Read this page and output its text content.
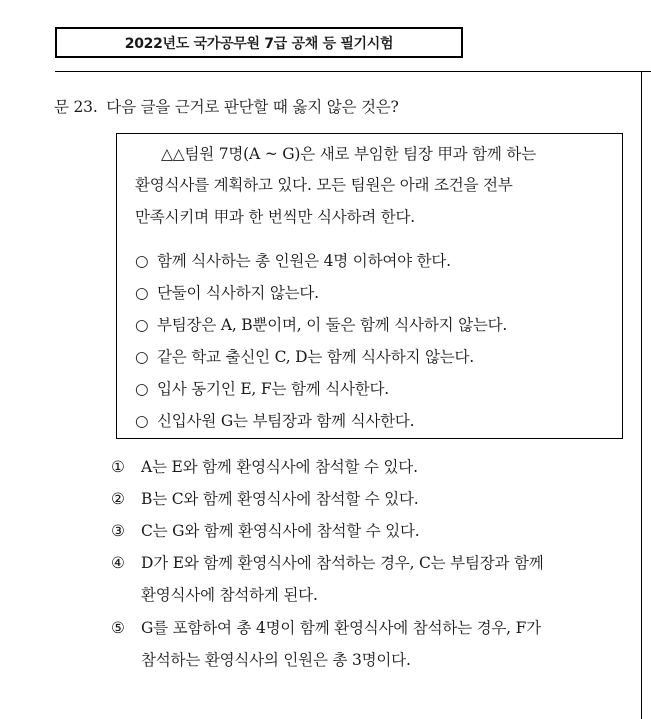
2022년도 국가공무원 7급 공채 등 필기시험
문 23. 다음 글을 근거로 판단할 때 옳지 않은 것은?
△△팀원 7명(A ~ G)은 새로 부임한 팀장 甲과 함께 하는
환영식사를 계획하고 있다. 모든 팀원은 아래 조건을 전부
만족시키며 甲과 한 번씩만 식사하려 한다.
○ 함께 식사하는 총 인원은 4명 이하여야 한다.
○ 단둘이 식사하지 않는다.
○ 부팀장은 A, B뿐이며, 이 둘은 함께 식사하지 않는다.
○ 같은 학교 출신인 C, D는 함께 식사하지 않는다.
○ 입사 동기인 E, F는 함께 식사한다.
○ 신입사원 G는 부팀장과 함께 식사한다.
① A는 E와 함께 환영식사에 참석할 수 있다.
② B는 C와 함께 환영식사에 참석할 수 있다.
③ C는 G와 함께 환영식사에 참석할 수 있다.
④ D가 E와 함께 환영식사에 참석하는 경우, C는 부팀장과 함께
환영식사에 참석하게 된다.
⑤ G를 포함하여 총 4명이 함께 환영식사에 참석하는 경우, F가
참석하는 환영식사의 인원은 총 3명이다.
